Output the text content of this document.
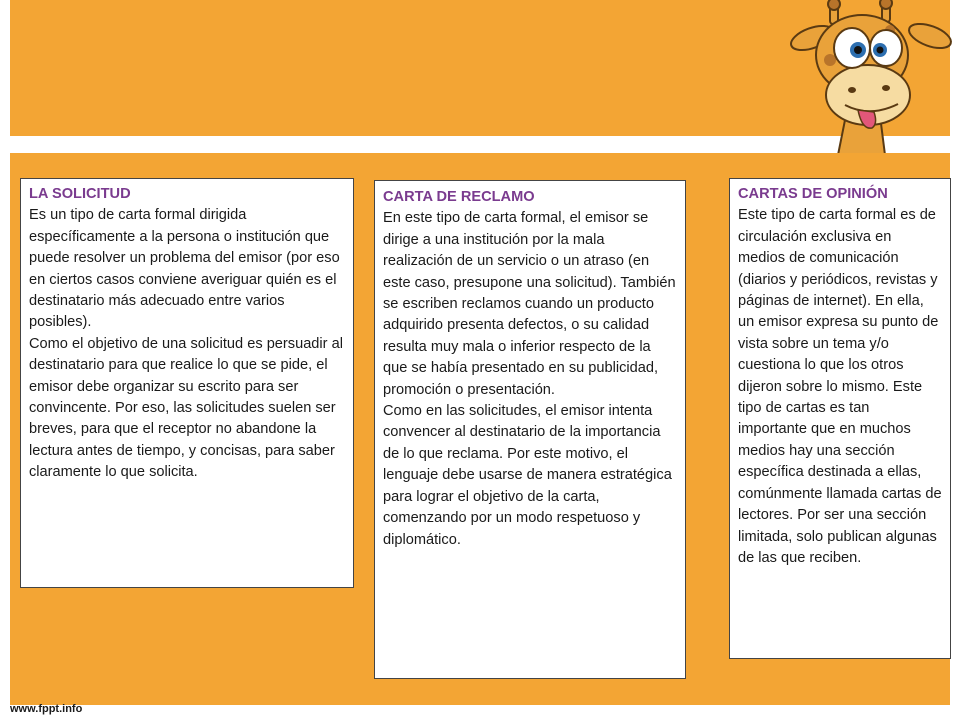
LA SOLICITUD

Es un tipo de carta formal dirigida específicamente a la persona o institución que puede resolver un problema del emisor (por eso en ciertos casos conviene averiguar quién es el destinatario más adecuado entre varios posibles).

Como el objetivo de una solicitud es persuadir al destinatario para que realice lo que se pide, el emisor debe organizar su escrito para ser convincente. Por eso, las solicitudes suelen ser breves, para que el receptor no abandone la lectura antes de tiempo, y concisas, para saber claramente lo que solicita.

CARTA DE RECLAMO

En este tipo de carta formal, el emisor se dirige a una institución por la mala realización de un servicio o un atraso (en este caso, presupone una solicitud). También se escriben reclamos cuando un producto adquirido presenta defectos, o su calidad resulta muy mala o inferior respecto de la que se había presentado en su publicidad, promoción o presentación.

Como en las solicitudes, el emisor intenta convencer al destinatario de la importancia de lo que reclama. Por este motivo, el lenguaje debe usarse de manera estratégica para lograr el objetivo de la carta, comenzando por un modo respetuoso y diplomático.

CARTAS DE OPINIÓN

Este tipo de carta formal es de circulación exclusiva en medios de comunicación (diarios y periódicos, revistas y páginas de internet). En ella, un emisor expresa su punto de vista sobre un tema y/o cuestiona lo que los otros dijeron sobre lo mismo. Este tipo de cartas es tan importante que en muchos medios hay una sección específica destinada a ellas, comúnmente llamada cartas de lectores. Por ser una sección limitada, solo publican algunas de las que reciben.

www.fppt.info
